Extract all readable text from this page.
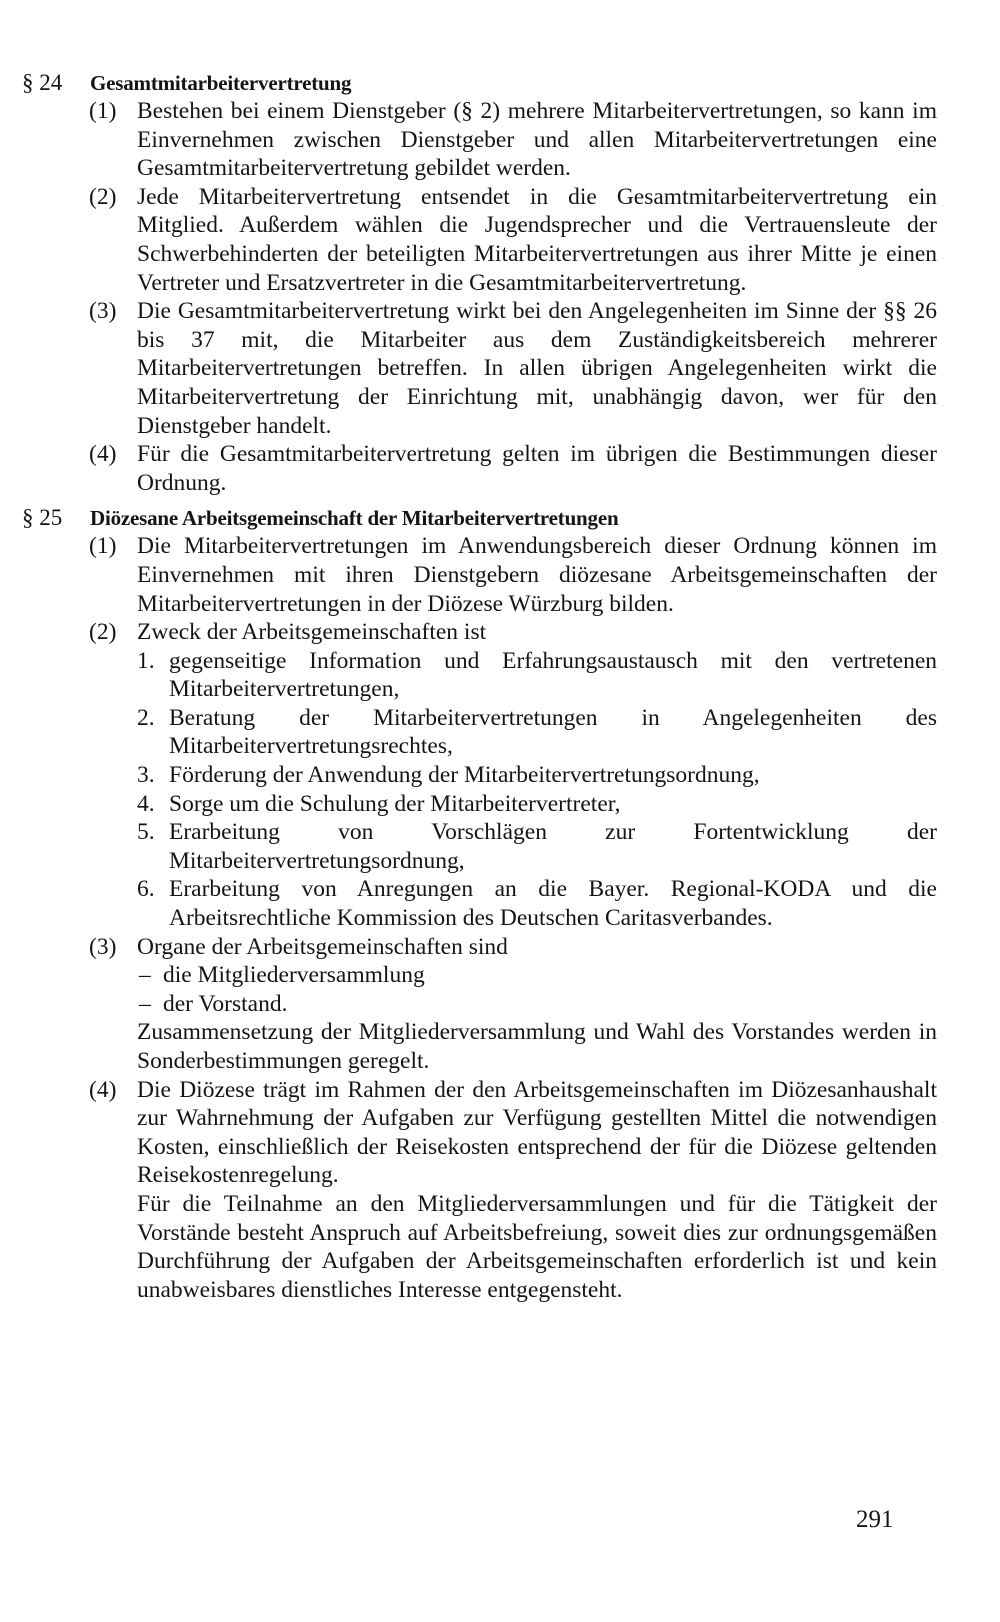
§ 24	Gesamtmitarbeitervertretung
(1) Bestehen bei einem Dienstgeber (§ 2) mehrere Mitarbeitervertretungen, so kann im Einvernehmen zwischen Dienstgeber und allen Mitarbeitervertretungen eine Gesamtmitarbeitervertretung gebildet werden.
(2) Jede Mitarbeitervertretung entsendet in die Gesamtmitarbeitervertretung ein Mitglied. Außerdem wählen die Jugendsprecher und die Vertrauensleute der Schwerbehinderten der beteiligten Mitarbeitervertretungen aus ihrer Mitte je einen Vertreter und Ersatzvertreter in die Gesamtmitarbeitervertretung.
(3) Die Gesamtmitarbeitervertretung wirkt bei den Angelegenheiten im Sinne der §§ 26 bis 37 mit, die Mitarbeiter aus dem Zuständigkeitsbereich mehrerer Mitarbeitervertretungen betreffen. In allen übrigen Angelegenheiten wirkt die Mitarbeitervertretung der Einrichtung mit, unabhängig davon, wer für den Dienstgeber handelt.
(4) Für die Gesamtmitarbeitervertretung gelten im übrigen die Bestimmungen dieser Ordnung.
§ 25	Diözesane Arbeitsgemeinschaft der Mitarbeitervertretungen
(1) Die Mitarbeitervertretungen im Anwendungsbereich dieser Ordnung können im Einvernehmen mit ihren Dienstgebern diözesane Arbeitsgemeinschaften der Mitarbeitervertretungen in der Diözese Würzburg bilden.
(2) Zweck der Arbeitsgemeinschaften ist

1. gegenseitige Information und Erfahrungsaustausch mit den vertretenen Mitarbeitervertretungen,
2. Beratung der Mitarbeitervertretungen in Angelegenheiten des Mitarbeitervertretungsrechtes,
3. Förderung der Anwendung der Mitarbeitervertretungsordnung,
4. Sorge um die Schulung der Mitarbeitervertreter,
5. Erarbeitung von Vorschlägen zur Fortentwicklung der Mitarbeitervertretungsordnung,
6. Erarbeitung von Anregungen an die Bayer. Regional-KODA und die Arbeitsrechtliche Kommission des Deutschen Caritasverbandes.
(3) Organe der Arbeitsgemeinschaften sind

– die Mitgliederversammlung
– der Vorstand.

Zusammensetzung der Mitgliederversammlung und Wahl des Vorstandes werden in Sonderbestimmungen geregelt.

(4) Die Diözese trägt im Rahmen der den Arbeitsgemeinschaften im Diözesanhaushalt zur Wahrnehmung der Aufgaben zur Verfügung gestellten Mittel die notwendigen Kosten, einschließlich der Reisekosten entsprechend der für die Diözese geltenden Reisekostenregelung.

Für die Teilnahme an den Mitgliederversammlungen und für die Tätigkeit der Vorstände besteht Anspruch auf Arbeitsbefreiung, soweit dies zur ordnungsgemäßen Durchführung der Aufgaben der Arbeitsgemeinschaften erforderlich ist und kein unabweisbares dienstliches Interesse entgegensteht.

291
